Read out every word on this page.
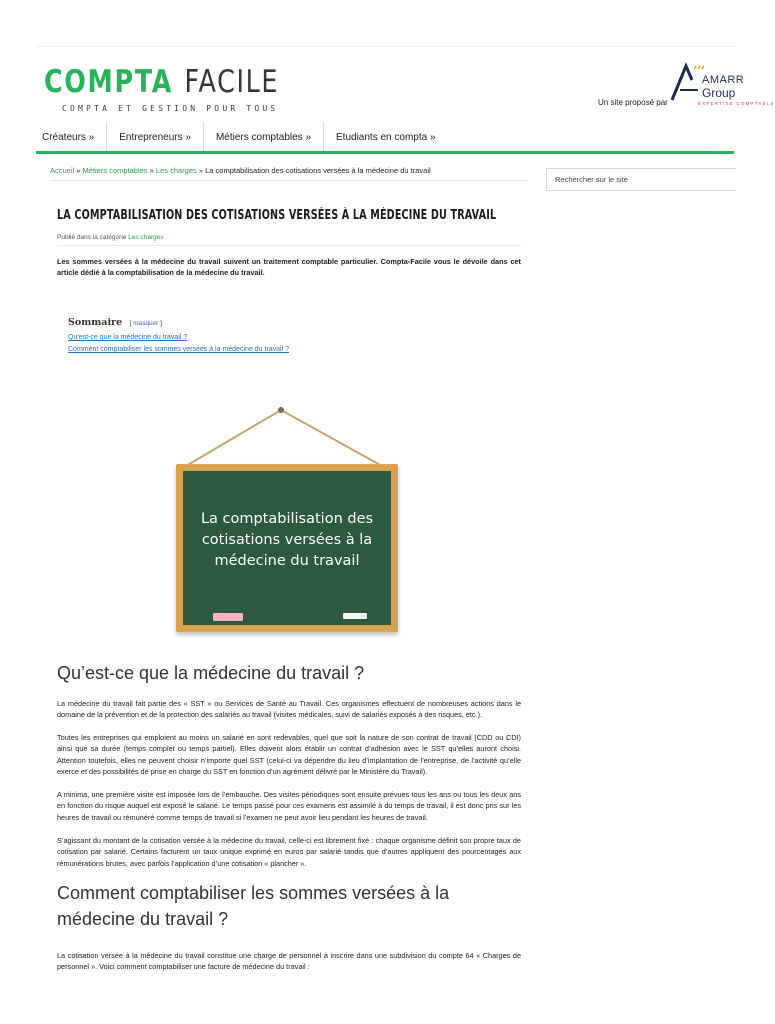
COMPTA FACILE
COMPTA ET GESTION POUR TOUS
Un site proposé par
AMARR
Group
EXPERTISE COMPTABLE
Créateurs »	Entrepreneurs »	Métiers comptables »	Etudiants en compta »
Accueil » Métiers comptables » Les charges » La comptabilisation des cotisations versées à la médecine du travail
Rechercher sur le site
LA COMPTABILISATION DES COTISATIONS VERSÉES À LA MÉDECINE DU TRAVAIL
Publié dans la catégorie Les charges
Les sommes versées à la médecine du travail suivent un traitement comptable particulier. Compta-Facile vous le dévoile dans cet article dédié à la comptabilisation de la médecine du travail.
Sommaire [ masquer ]
Qu'est-ce que la médecine du travail ?
Comment comptabiliser les sommes versées à la médecine du travail ?
La comptabilisation des cotisations versées à la médecine du travail
Qu’est-ce que la médecine du travail ?
La médecine du travail fait partie des « SST » ou Services de Santé au Travail. Ces organismes effectuent de nombreuses actions dans le domaine de la prévention et de la protection des salariés au travail (visites médicales, suivi de salariés exposés à des risques, etc.).
Toutes les entreprises qui emploient au moins un salarié en sont redevables, quel que soit la nature de son contrat de travail (CDD ou CDI) ainsi que sa durée (temps complet ou temps partiel). Elles doivent alors établir un contrat d’adhésion avec le SST qu’elles auront choisi. Attention toutefois, elles ne peuvent choisir n’importe quel SST (celui-ci va dépendre du lieu d’implantation de l’entreprise, de l’activité qu’elle exerce et des possibilités de prise en charge du SST en fonction d’un agrément délivré par le Ministère du Travail).
A minima, une première visite est imposée lors de l’embauche. Des visites périodiques sont ensuite prévues tous les ans ou tous les deux ans en fonction du risque auquel est exposé le salarié. Le temps passé pour ces examens est assimilé à du temps de travail, il est donc pris sur les heures de travail ou rémunéré comme temps de travail si l’examen ne peut avoir lieu pendant les heures de travail.
S’agissant du montant de la cotisation versée à la médecine du travail, celle-ci est librement fixé : chaque organisme définit son propre taux de cotisation par salarié. Certains facturent un taux unique exprimé en euros par salarié tandis que d’autres appliquent des pourcentages aux rémunérations brutes, avec parfois l’application d’une cotisation « plancher ».
Comment comptabiliser les sommes versées à la médecine du travail ?
La cotisation versée à la médecine du travail constitue une charge de personnel à inscrire dans une subdivision du compte 64 « Charges de personnel ». Voici comment comptabiliser une facture de médecine du travail :
